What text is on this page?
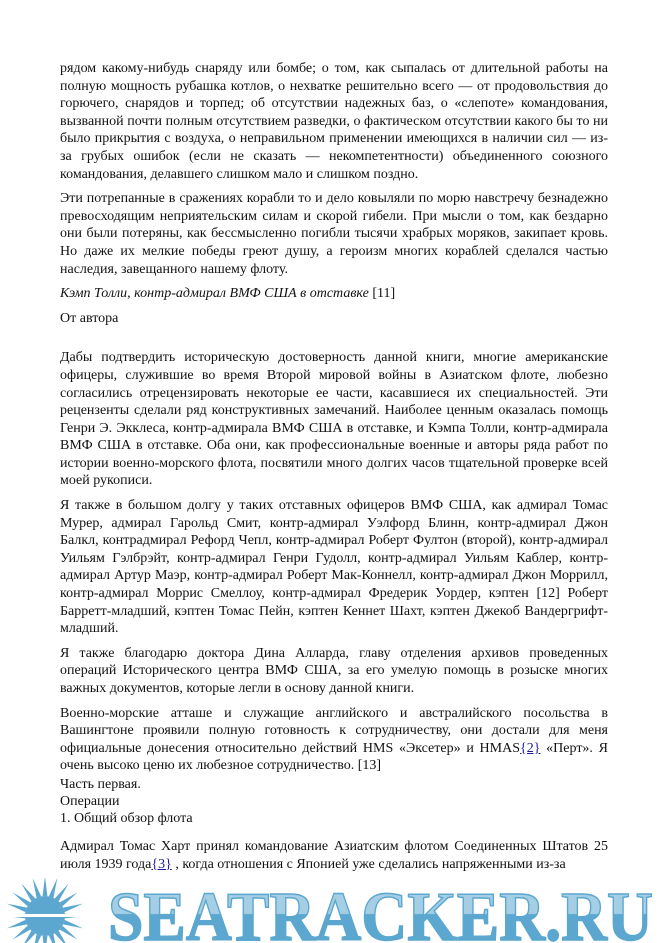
рядом какому-нибудь снаряду или бомбе; о том, как сыпалась от длительной работы на полную мощность рубашка котлов, о нехватке решительно всего — от продовольствия до горючего, снарядов и торпед; об отсутствии надежных баз, о «слепоте» командования, вызванной почти полным отсутствием разведки, о фактическом отсутствии какого бы то ни было прикрытия с воздуха, о неправильном применении имеющихся в наличии сил — из-за грубых ошибок (если не сказать — некомпетентности) объединенного союзного командования, делавшего слишком мало и слишком поздно.

Эти потрепанные в сражениях корабли то и дело ковыляли по морю навстречу безнадежно превосходящим неприятельским силам и скорой гибели. При мысли о том, как бездарно они были потеряны, как бессмысленно погибли тысячи храбрых моряков, закипает кровь. Но даже их мелкие победы греют душу, а героизм многих кораблей сделался частью наследия, завещанного нашему флоту.

Кэмп Толли, контр-адмирал ВМФ США в отставке [11]

От автора

Дабы подтвердить историческую достоверность данной книги, многие американские офицеры, служившие во время Второй мировой войны в Азиатском флоте, любезно согласились отрецензировать некоторые ее части, касавшиеся их специальностей. Эти рецензенты сделали ряд конструктивных замечаний. Наиболее ценным оказалась помощь Генри Э. Экклеса, контр-адмирала ВМФ США в отставке, и Кэмпа Толли, контр-адмирала ВМФ США в отставке. Оба они, как профессиональные военные и авторы ряда работ по истории военно-морского флота, посвятили много долгих часов тщательной проверке всей моей рукописи.

Я также в большом долгу у таких отставных офицеров ВМФ США, как адмирал Томас Мурер, адмирал Гарольд Смит, контр-адмирал Уэлфорд Блинн, контр-адмирал Джон Балкл, контрадмирал Рефорд Чепл, контр-адмирал Роберт Фултон (второй), контр-адмирал Уильям Гэлбрэйт, контр-адмирал Генри Гудолл, контр-адмирал Уильям Каблер, контр-адмирал Артур Маэр, контр-адмирал Роберт Мак-Коннелл, контр-адмирал Джон Моррилл, контр-адмирал Моррис Смеллоу, контр-адмирал Фредерик Уордер, кэптен [12] Роберт Барретт-младший, кэптен Томас Пейн, кэптен Кеннет Шахт, кэптен Джекоб Вандергрифт-младший.

Я также благодарю доктора Дина Алларда, главу отделения архивов проведенных операций Исторического центра ВМФ США, за его умелую помощь в розыске многих важных документов, которые легли в основу данной книги.

Военно-морские атташе и служащие английского и австралийского посольства в Вашингтоне проявили полную готовность к сотрудничеству, они достали для меня официальные донесения относительно действий HMS «Эксетер» и HMAS{2} «Перт». Я очень высоко ценю их любезное сотрудничество. [13]

Часть первая.

Операции

1. Общий обзор флота

Адмирал Томас Харт принял командование Азиатским флотом Соединенных Штатов 25 июля 1939 года{3} , когда отношения с Японией уже сделались напряженными из-за

SEATRACKER.RU
